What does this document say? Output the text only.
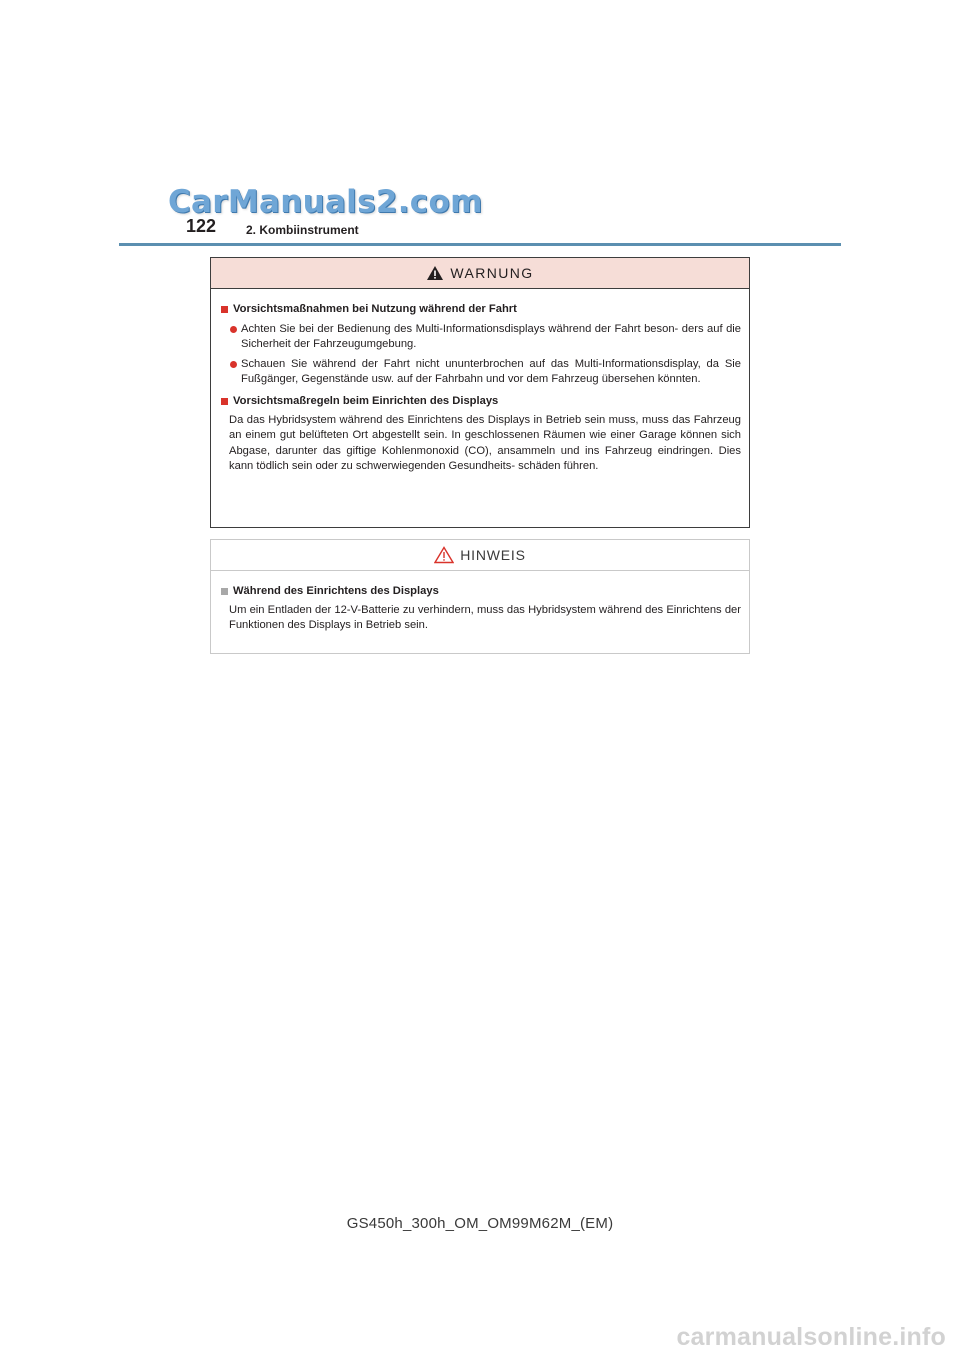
CarManuals2.com
122 2. Kombiinstrument
WARNUNG
Vorsichtsmaßnahmen bei Nutzung während der Fahrt
Achten Sie bei der Bedienung des Multi-Informationsdisplays während der Fahrt beson- ders auf die Sicherheit der Fahrzeugumgebung.
Schauen Sie während der Fahrt nicht ununterbrochen auf das Multi-Informationsdisplay, da Sie Fußgänger, Gegenstände usw. auf der Fahrbahn und vor dem Fahrzeug übersehen könnten.
Vorsichtsmaßregeln beim Einrichten des Displays
Da das Hybridsystem während des Einrichtens des Displays in Betrieb sein muss, muss das Fahrzeug an einem gut belüfteten Ort abgestellt sein. In geschlossenen Räumen wie einer Garage können sich Abgase, darunter das giftige Kohlenmonoxid (CO), ansammeln und ins Fahrzeug eindringen. Dies kann tödlich sein oder zu schwerwiegenden Gesundheits- schäden führen.
HINWEIS
Während des Einrichtens des Displays
Um ein Entladen der 12-V-Batterie zu verhindern, muss das Hybridsystem während des Einrichtens der Funktionen des Displays in Betrieb sein.
GS450h_300h_OM_OM99M62M_(EM)
carmanualsonline.info
